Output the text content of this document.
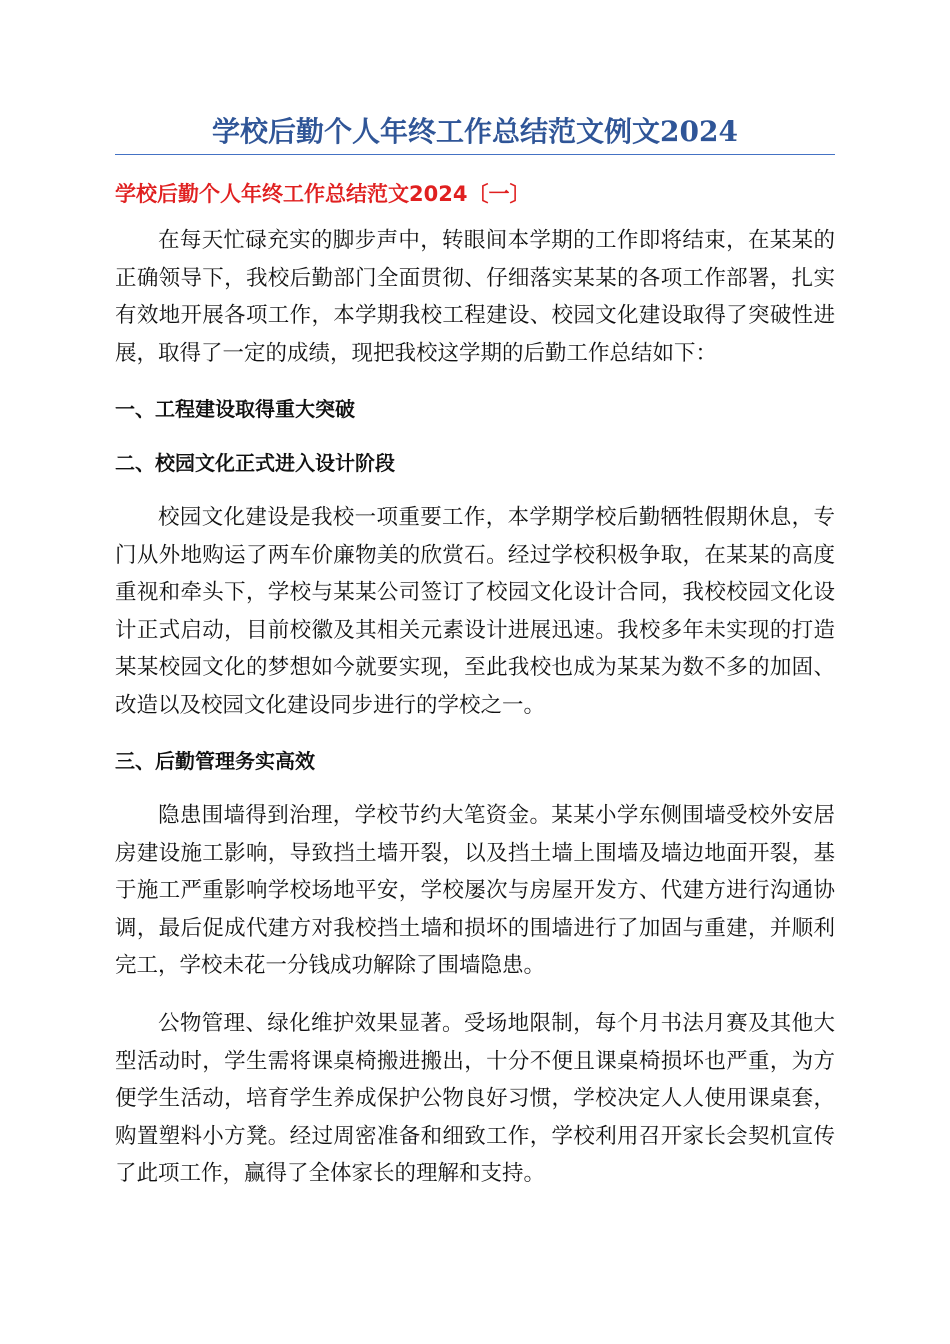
学校后勤个人年终工作总结范文例文2024
学校后勤个人年终工作总结范文2024〔一〕

在每天忙碌充实的脚步声中，转眼间本学期的工作即将结束，在某某的正确领导下，我校后勤部门全面贯彻、仔细落实某某的各项工作部署，扎实有效地开展各项工作，本学期我校工程建设、校园文化建设取得了突破性进展，取得了一定的成绩，现把我校这学期的后勤工作总结如下：

一、工程建设取得重大突破
二、校园文化正式进入设计阶段

校园文化建设是我校一项重要工作，本学期学校后勤牺牲假期休息，专门从外地购运了两车价廉物美的欣赏石。经过学校积极争取，在某某的高度重视和牵头下，学校与某某公司签订了校园文化设计合同，我校校园文化设计正式启动，目前校徽及其相关元素设计进展迅速。我校多年未实现的打造某某校园文化的梦想如今就要实现，至此我校也成为某某为数不多的加固、改造以及校园文化建设同步进行的学校之一。

三、后勤管理务实高效

隐患围墙得到治理，学校节约大笔资金。某某小学东侧围墙受校外安居房建设施工影响，导致挡土墙开裂，以及挡土墙上围墙及墙边地面开裂，基于施工严重影响学校场地平安，学校屡次与房屋开发方、代建方进行沟通协调，最后促成代建方对我校挡土墙和损坏的围墙进行了加固与重建，并顺利完工，学校未花一分钱成功解除了围墙隐患。

公物管理、绿化维护效果显著。受场地限制，每个月书法月赛及其他大型活动时，学生需将课桌椅搬进搬出，十分不便且课桌椅损坏也严重，为方便学生活动，培育学生养成保护公物良好习惯，学校决定人人使用课桌套，购置塑料小方凳。经过周密准备和细致工作，学校利用召开家长会契机宣传了此项工作，赢得了全体家长的理解和支持。
